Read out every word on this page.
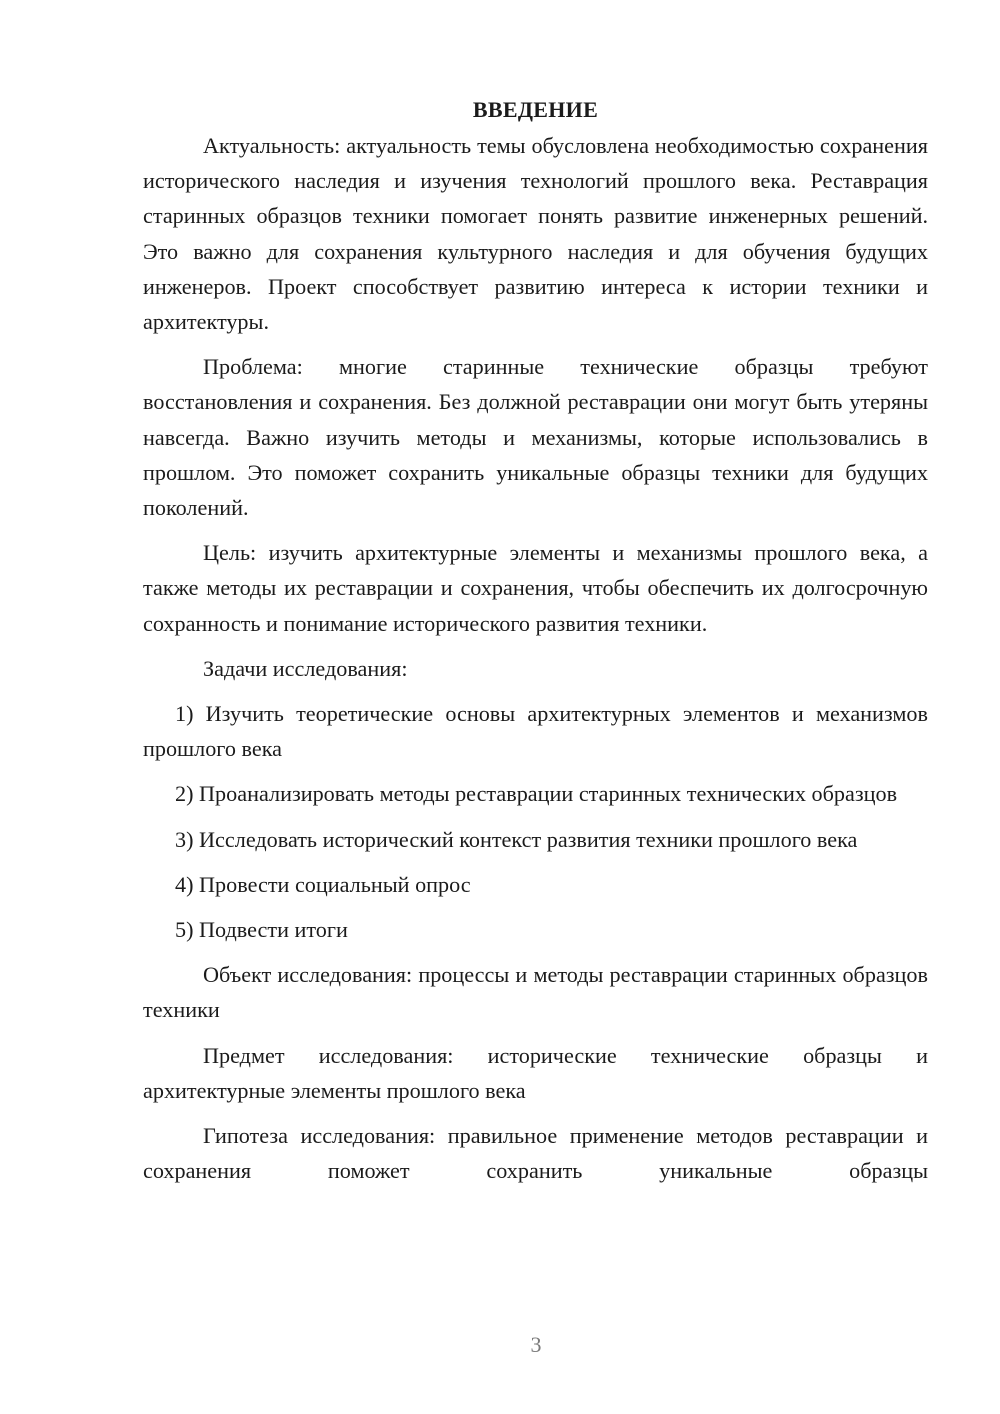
ВВЕДЕНИЕ

Актуальность: актуальность темы обусловлена необходимостью сохранения исторического наследия и изучения технологий прошлого века. Реставрация старинных образцов техники помогает понять развитие инженерных решений. Это важно для сохранения культурного наследия и для обучения будущих инженеров. Проект способствует развитию интереса к истории техники и архитектуры.

Проблема: многие старинные технические образцы требуют восстановления и сохранения. Без должной реставрации они могут быть утеряны навсегда. Важно изучить методы и механизмы, которые использовались в прошлом. Это поможет сохранить уникальные образцы техники для будущих поколений.

Цель: изучить архитектурные элементы и механизмы прошлого века, а также методы их реставрации и сохранения, чтобы обеспечить их долгосрочную сохранность и понимание исторического развития техники.

Задачи исследования:

1) Изучить теоретические основы архитектурных элементов и механизмов прошлого века

2) Проанализировать методы реставрации старинных технических образцов

3) Исследовать исторический контекст развития техники прошлого века

4) Провести социальный опрос

5) Подвести итоги

Объект исследования: процессы и методы реставрации старинных образцов техники

Предмет исследования: исторические технические образцы и архитектурные элементы прошлого века

Гипотеза исследования: правильное применение методов реставрации и сохранения поможет сохранить уникальные образцы

3
